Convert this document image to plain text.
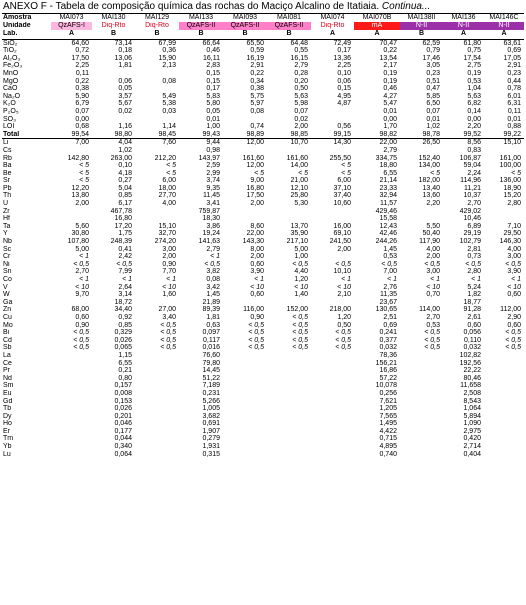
ANEXO F - Tabela de composição química das rochas do Maciço Alcalino de Itatiaia. Continua...
Amostra	MAI073	MAI130	MAI129	MAI133	MAI093	MAI081	MAI074	MAI070B	MAI138II	MAI136	MAI146C
Unidade	QzAFS-I	Diq-Rto	Diq-Rto	QzAFS-II	QzAFS-II	QzAFS-II	Diq-Rto	mA	N-II	N-II	N-II
Lab.	A	B	B	B	B	B	A	A	B	A	A
SiO₂	64,60	73,14	67,99	66,64	65,50	64,48	72,49	70,47	62,59	61,80	63,61
TiO₂	0,72	0,18	0,36	0,46	0,59	0,55	0,17	0,22	0,79	0,75	0,69
Al₂O₃	17,50	13,06	15,90	16,11	16,19	16,15	13,36	13,54	17,46	17,54	17,05
Fe₂O₃	2,25	1,81	2,13	2,83	2,91	2,79	2,25	2,17	3,05	2,75	2,91
MnO	0,11			0,15	0,22	0,28	0,10	0,19	0,23	0,19	0,23
MgO	0,22	0,06	0,08	0,15	0,34	0,20	0,06	0,19	0,51	0,53	0,44
CaO	0,38	0,05		0,17	0,38	0,50	0,15	0,46	0,47	1,04	0,78
Na₂O	5,90	3,57	5,49	5,83	5,75	5,63	4,95	4,27	5,85	5,63	6,01
K₂O	6,79	5,67	5,38	5,80	5,97	5,98	4,87	5,47	6,50	6,82	6,31
P₂O₅	0,07	0,02	0,03	0,05	0,08	0,07		0,01	0,07	0,14	0,11
SO₃	0,00			0,01		0,02		0,00	0,01	0,00	0,01
LOI	0,68	1,16	1,14	1,00	0,74	2,00	0,56	1,70	1,02	2,20	0,88
Total	99,54	98,80	98,45	99,43	98,89	98,85	99,15	98,82	98,78	99,52	99,22
Li	7,00	4,04	7,60	9,44	12,00	10,70	14,30	22,00	26,50	8,56	15,10
Cs		1,02		0,98				2,79		0,83	
Rb	142,80	263,00	212,20	143,97	161,60	161,60	255,50	334,75	152,40	106,87	161,00
Ba	< 5	0,10	< 5	2,59	12,00	14,00	< 5	18,80	134,00	59,04	100,00
Be	< 5	4,18	< 5	2,99	< 5	< 5	< 5	6,55	< 5	2,24	< 5
Sr	< 5	0,27	6,00	3,74	9,00	21,00	6,00	21,14	182,00	114,96	136,00
Pb	12,20	5,04	18,00	9,35	16,80	12,10	37,10	23,33	13,40	11,21	18,90
Th	13,80	0,85	27,70	11,45	17,50	25,80	37,40	32,94	13,60	10,37	15,20
U	2,00	6,17	4,00	3,41	2,00	5,30	10,60	11,57	2,20	2,70	2,80
Zr		467,78		759,87				429,46		429,02	
Hf		16,80		18,30				15,58		10,46	
Ta	5,60	17,20	15,10	3,86	8,60	13,70	16,00	12,43	5,50	6,89	7,10
Y	30,80	1,75	32,70	19,24	22,00	35,90	69,10	42,46	50,40	29,19	29,50
Nb	107,80	248,39	274,20	141,63	143,30	217,10	241,50	244,26	117,90	102,79	146,30
Sc	5,00	0,41	3,00	2,79	8,00	5,00	2,00	1,45	4,00	2,81	4,00
Cr	< 1	2,42	2,00	< 1	2,00	1,00		0,53	2,00	0,73	3,00
Ni	< 0,5	< 0,5	0,90	< 0,5	0,60	< 0,5	< 0,5	< 0,5	< 0,5	< 0,5	< 0,5
Sn	2,70	7,99	7,70	3,82	3,90	4,40	10,10	7,00	3,00	2,80	3,90
Co	< 1	< 1	< 1	0,08	< 1	1,20	< 1	< 1	< 1	< 1	< 1
V	< 10	2,64	< 10	3,42	< 10	< 10	< 10	2,76	< 10	5,24	< 10
W	9,70	3,14	1,60	1,45	0,60	1,40	2,10	11,35	0,70	1,82	0,60
Ga		18,72		21,89				23,67		18,77	
Zn	68,00	34,40	27,00	89,39	116,00	152,00	218,00	130,65	114,00	91,28	112,00
Cu	0,60	0,92	3,40	1,81	0,90	< 0,5	1,20	2,51	2,70	2,61	2,90
Mo	0,90	0,85	< 0,5	0,63	< 0,5	< 0,5	0,50	0,69	0,53	0,60	0,60
Bi	< 0,5	0,329	< 0,5	0,097	< 0,5	< 0,5	< 0,5	0,241	< 0,5	0,056	< 0,5
Cd	< 0,5	0,026	< 0,5	0,117	< 0,5	< 0,5	< 0,5	0,377	< 0,5	0,110	< 0,5
Sb	< 0,5	0,065	< 0,5	0,016	< 0,5	< 0,5	< 0,5	0,032	< 0,5	0,032	< 0,5
La		1,15		76,60				78,36		102,82	
Ce		6,55		79,80				156,21		192,56	
Pr		0,21		14,45				16,86		22,22	
Nd		0,80		51,22				57,22		80,46	
Sm		0,157		7,189				10,078		11,658	
Eu		0,008		0,231				0,256		2,508	
Gd		0,153		5,266				7,621		8,543	
Tb		0,026		1,005				1,205		1,064	
Dy		0,201		3,682				7,565		5,894	
Ho		0,046		0,691				1,495		1,090	
Er		0,177		1,907				4,422		2,975	
Tm		0,044		0,279				0,715		0,420	
Yb		0,340		1,931				4,895		2,714	
Lu		0,064		0,315				0,740		0,404	
